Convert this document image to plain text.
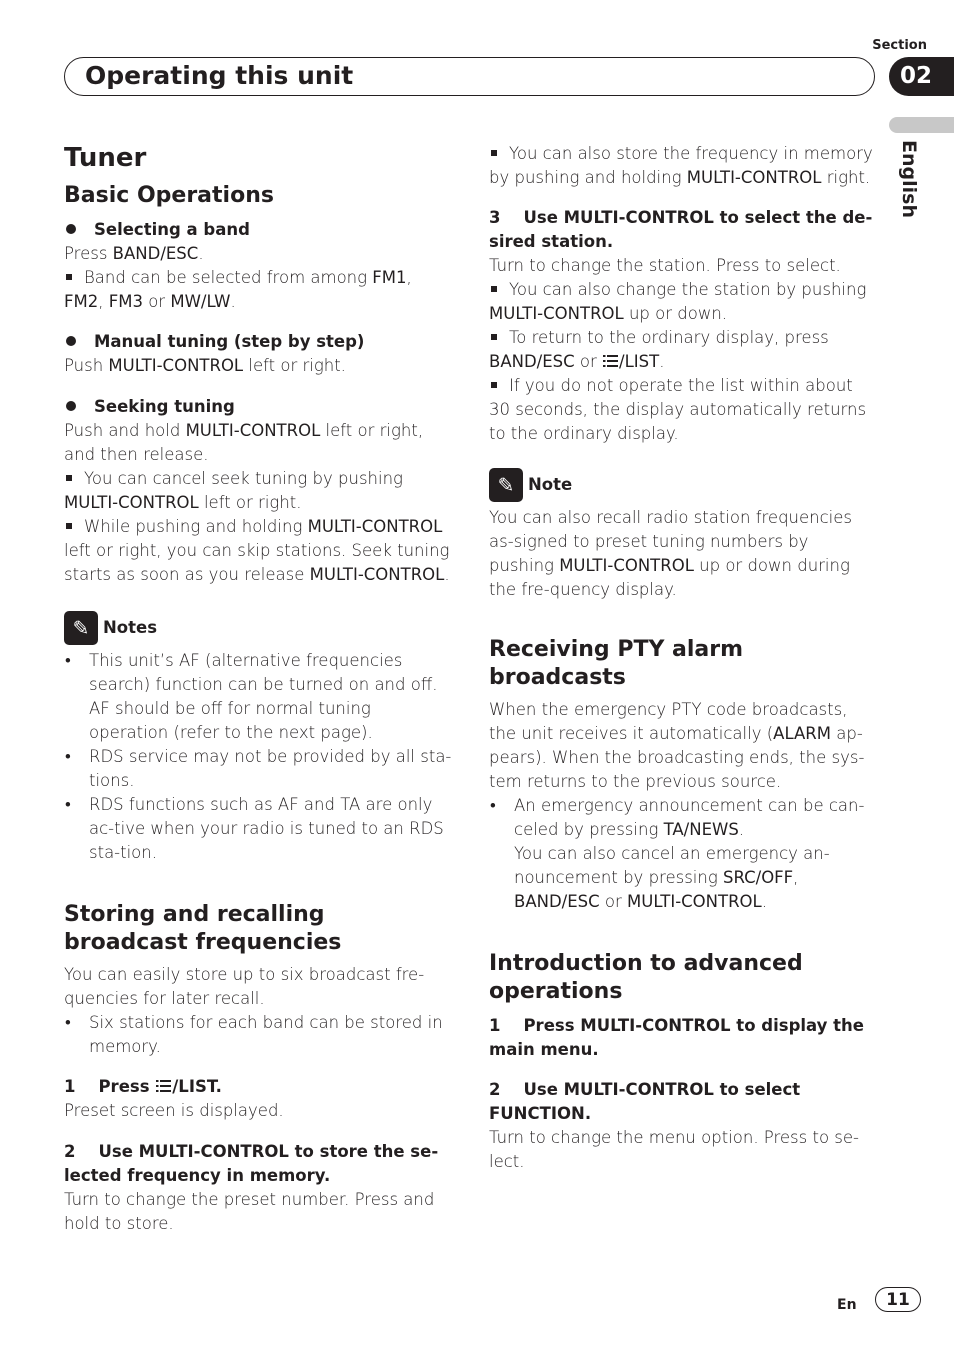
Section
Operating this unit	02
English
Tuner
Basic Operations

Selecting a band

Press BAND/ESC.

Band can be selected from among FM1, FM2, FM3 or MW/LW.

Manual tuning (step by step)

Push MULTI-CONTROL left or right.

Seeking tuning

Push and hold MULTI-CONTROL left or right, and then release.

You can cancel seek tuning by pushing MULTI-CONTROL left or right.

While pushing and holding MULTI-CONTROL left or right, you can skip stations. Seek tuning starts as soon as you release MULTI-CONTROL.

✎ Notes

• This unit’s AF (alternative frequencies search) function can be turned on and off. AF should be off for normal tuning operation (refer to the next page).

• RDS service may not be provided by all sta-tions.

• RDS functions such as AF and TA are only ac-tive when your radio is tuned to an RDS sta-tion.

Storing and recalling broadcast frequencies

You can easily store up to six broadcast fre-quencies for later recall.

• Six stations for each band can be stored in memory.

1 Press /LIST.

Preset screen is displayed.

2 Use MULTI-CONTROL to store the se-lected frequency in memory.

Turn to change the preset number. Press and hold to store.

You can also store the frequency in memory by pushing and holding MULTI-CONTROL right.

3 Use MULTI-CONTROL to select the de-sired station.

Turn to change the station. Press to select.

You can also change the station by pushing MULTI-CONTROL up or down.

To return to the ordinary display, press BAND/ESC or /LIST.

If you do not operate the list within about 30 seconds, the display automatically returns to the ordinary display.

✎ Note

You can also recall radio station frequencies as-signed to preset tuning numbers by pushing MULTI-CONTROL up or down during the fre-quency display.

Receiving PTY alarm broadcasts

When the emergency PTY code broadcasts, the unit receives it automatically (ALARM ap-pears). When the broadcasting ends, the sys-tem returns to the previous source.

• An emergency announcement can be can-celed by pressing TA/NEWS.
You can also cancel an emergency an-nouncement by pressing SRC/OFF, BAND/ESC or MULTI-CONTROL.

Introduction to advanced operations

1 Press MULTI-CONTROL to display the main menu.

2 Use MULTI-CONTROL to select FUNCTION.

Turn to change the menu option. Press to se-lect.

En	11
